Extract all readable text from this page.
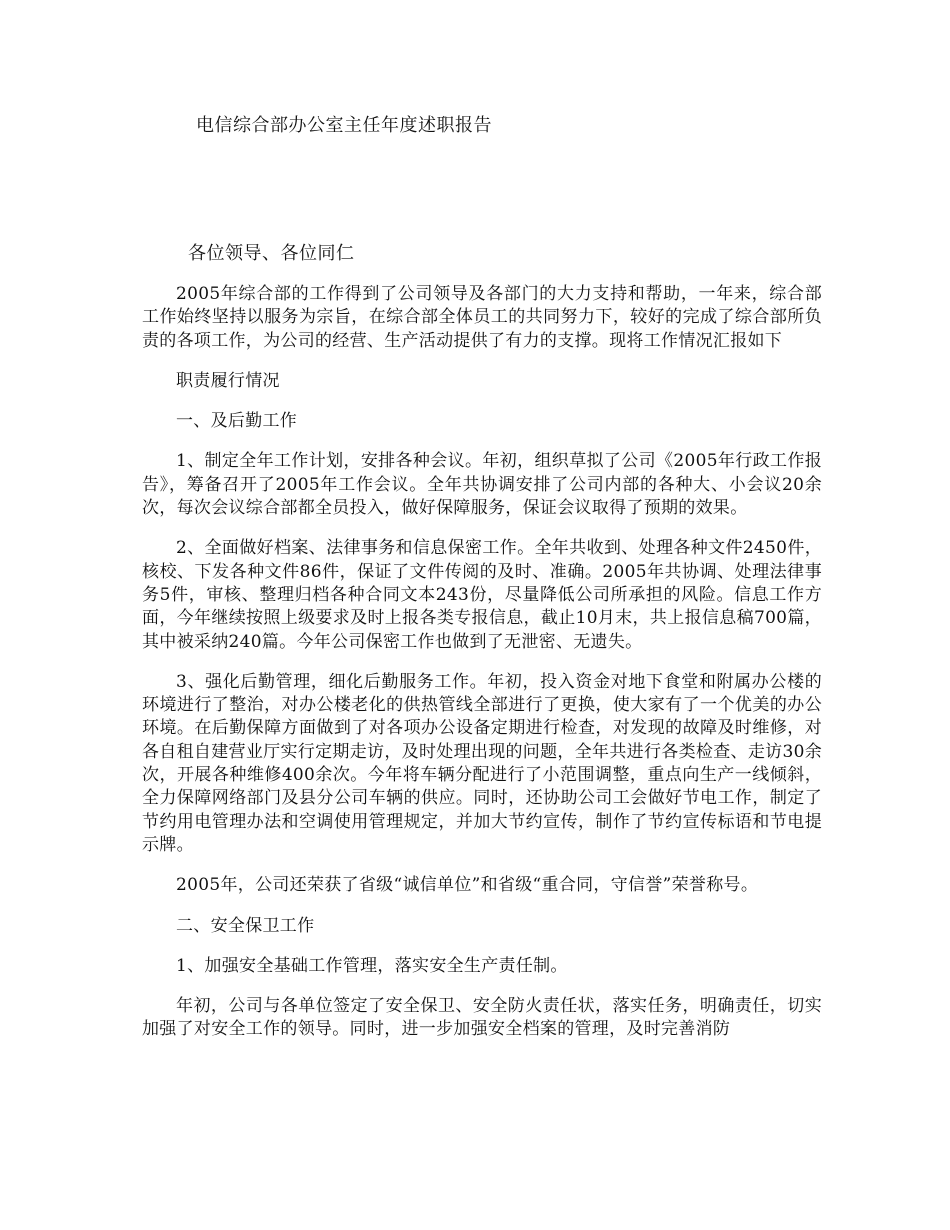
电信综合部办公室主任年度述职报告
各位领导、各位同仁

2005年综合部的工作得到了公司领导及各部门的大力支持和帮助，一年来，综合部工作始终坚持以服务为宗旨，在综合部全体员工的共同努力下，较好的完成了综合部所负责的各项工作，为公司的经营、生产活动提供了有力的支撑。现将工作情况汇报如下

职责履行情况

一、及后勤工作

1、制定全年工作计划，安排各种会议。年初，组织草拟了公司《2005年行政工作报告》，筹备召开了2005年工作会议。全年共协调安排了公司内部的各种大、小会议20余次，每次会议综合部都全员投入，做好保障服务，保证会议取得了预期的效果。

2、全面做好档案、法律事务和信息保密工作。全年共收到、处理各种文件2450件，核校、下发各种文件86件，保证了文件传阅的及时、准确。2005年共协调、处理法律事务5件，审核、整理归档各种合同文本243份，尽量降低公司所承担的风险。信息工作方面，今年继续按照上级要求及时上报各类专报信息，截止10月末，共上报信息稿700篇，其中被采纳240篇。今年公司保密工作也做到了无泄密、无遗失。

3、强化后勤管理，细化后勤服务工作。年初，投入资金对地下食堂和附属办公楼的环境进行了整治，对办公楼老化的供热管线全部进行了更换，使大家有了一个优美的办公环境。在后勤保障方面做到了对各项办公设备定期进行检查，对发现的故障及时维修，对各自租自建营业厅实行定期走访，及时处理出现的问题，全年共进行各类检查、走访30余次，开展各种维修400余次。今年将车辆分配进行了小范围调整，重点向生产一线倾斜，全力保障网络部门及县分公司车辆的供应。同时，还协助公司工会做好节电工作，制定了节约用电管理办法和空调使用管理规定，并加大节约宣传，制作了节约宣传标语和节电提示牌。

2005年，公司还荣获了省级“诚信单位”和省级“重合同，守信誉”荣誉称号。

二、安全保卫工作

1、加强安全基础工作管理，落实安全生产责任制。

年初，公司与各单位签定了安全保卫、安全防火责任状，落实任务，明确责任，切实加强了对安全工作的领导。同时，进一步加强安全档案的管理，及时完善消防
